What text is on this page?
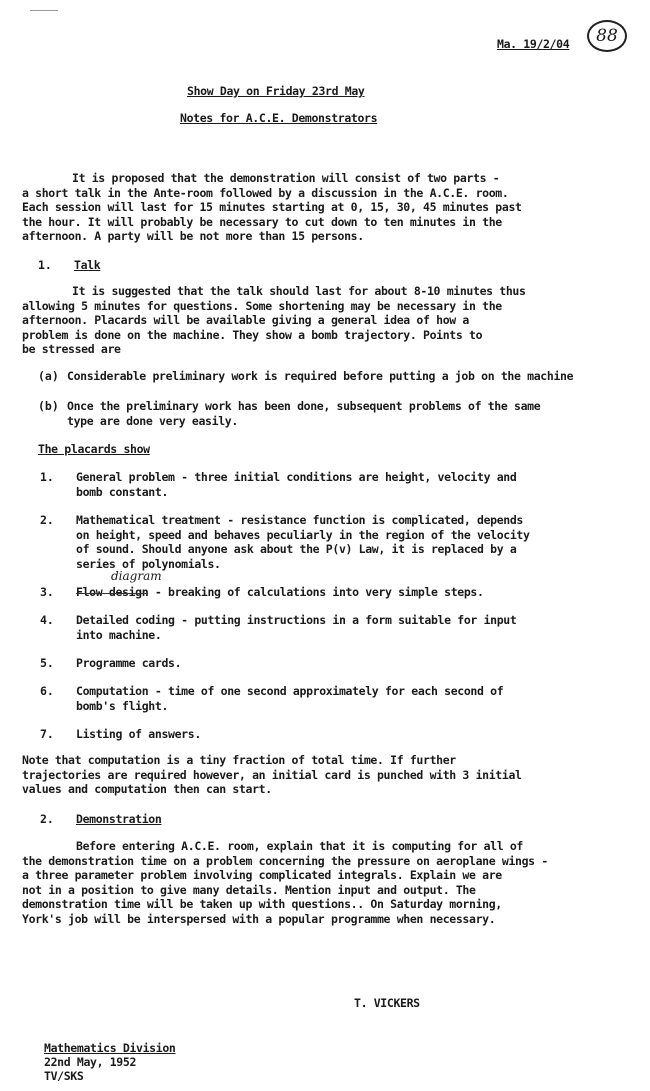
Ma. 19/2/04	88
Show Day on Friday 23rd May
Notes for A.C.E. Demonstrators
It is proposed that the demonstration will consist of two parts -
a short talk in the Ante-room followed by a discussion in the A.C.E. room.
Each session will last for 15 minutes starting at 0, 15, 30, 45 minutes past
the hour. It will probably be necessary to cut down to ten minutes in the
afternoon. A party will be not more than 15 persons.
1. Talk
It is suggested that the talk should last for about 8-10 minutes thus
allowing 5 minutes for questions. Some shortening may be necessary in the
afternoon. Placards will be available giving a general idea of how a
problem is done on the machine. They show a bomb trajectory. Points to
be stressed are
(a) Considerable preliminary work is required before putting a job on the machine
(b) Once the preliminary work has been done, subsequent problems of the same
type are done very easily.
The placards show
1. General problem - three initial conditions are height, velocity and
bomb constant.
2. Mathematical treatment - resistance function is complicated, depends
on height, speed and behaves peculiarly in the region of the velocity
of sound. Should anyone ask about the P(v) Law, it is replaced by a
series of polynomials.
diagram
3. Flow design - breaking of calculations into very simple steps.
4. Detailed coding - putting instructions in a form suitable for input
into machine.
5. Programme cards.
6. Computation - time of one second approximately for each second of
bomb's flight.
7. Listing of answers.
Note that computation is a tiny fraction of total time. If further
trajectories are required however, an initial card is punched with 3 initial
values and computation then can start.
2. Demonstration
Before entering A.C.E. room, explain that it is computing for all of
the demonstration time on a problem concerning the pressure on aeroplane wings -
a three parameter problem involving complicated integrals. Explain we are
not in a position to give many details. Mention input and output. The
demonstration time will be taken up with questions.. On Saturday morning,
York's job will be interspersed with a popular programme when necessary.
T. VICKERS
Mathematics Division
22nd May, 1952
TV/SKS
